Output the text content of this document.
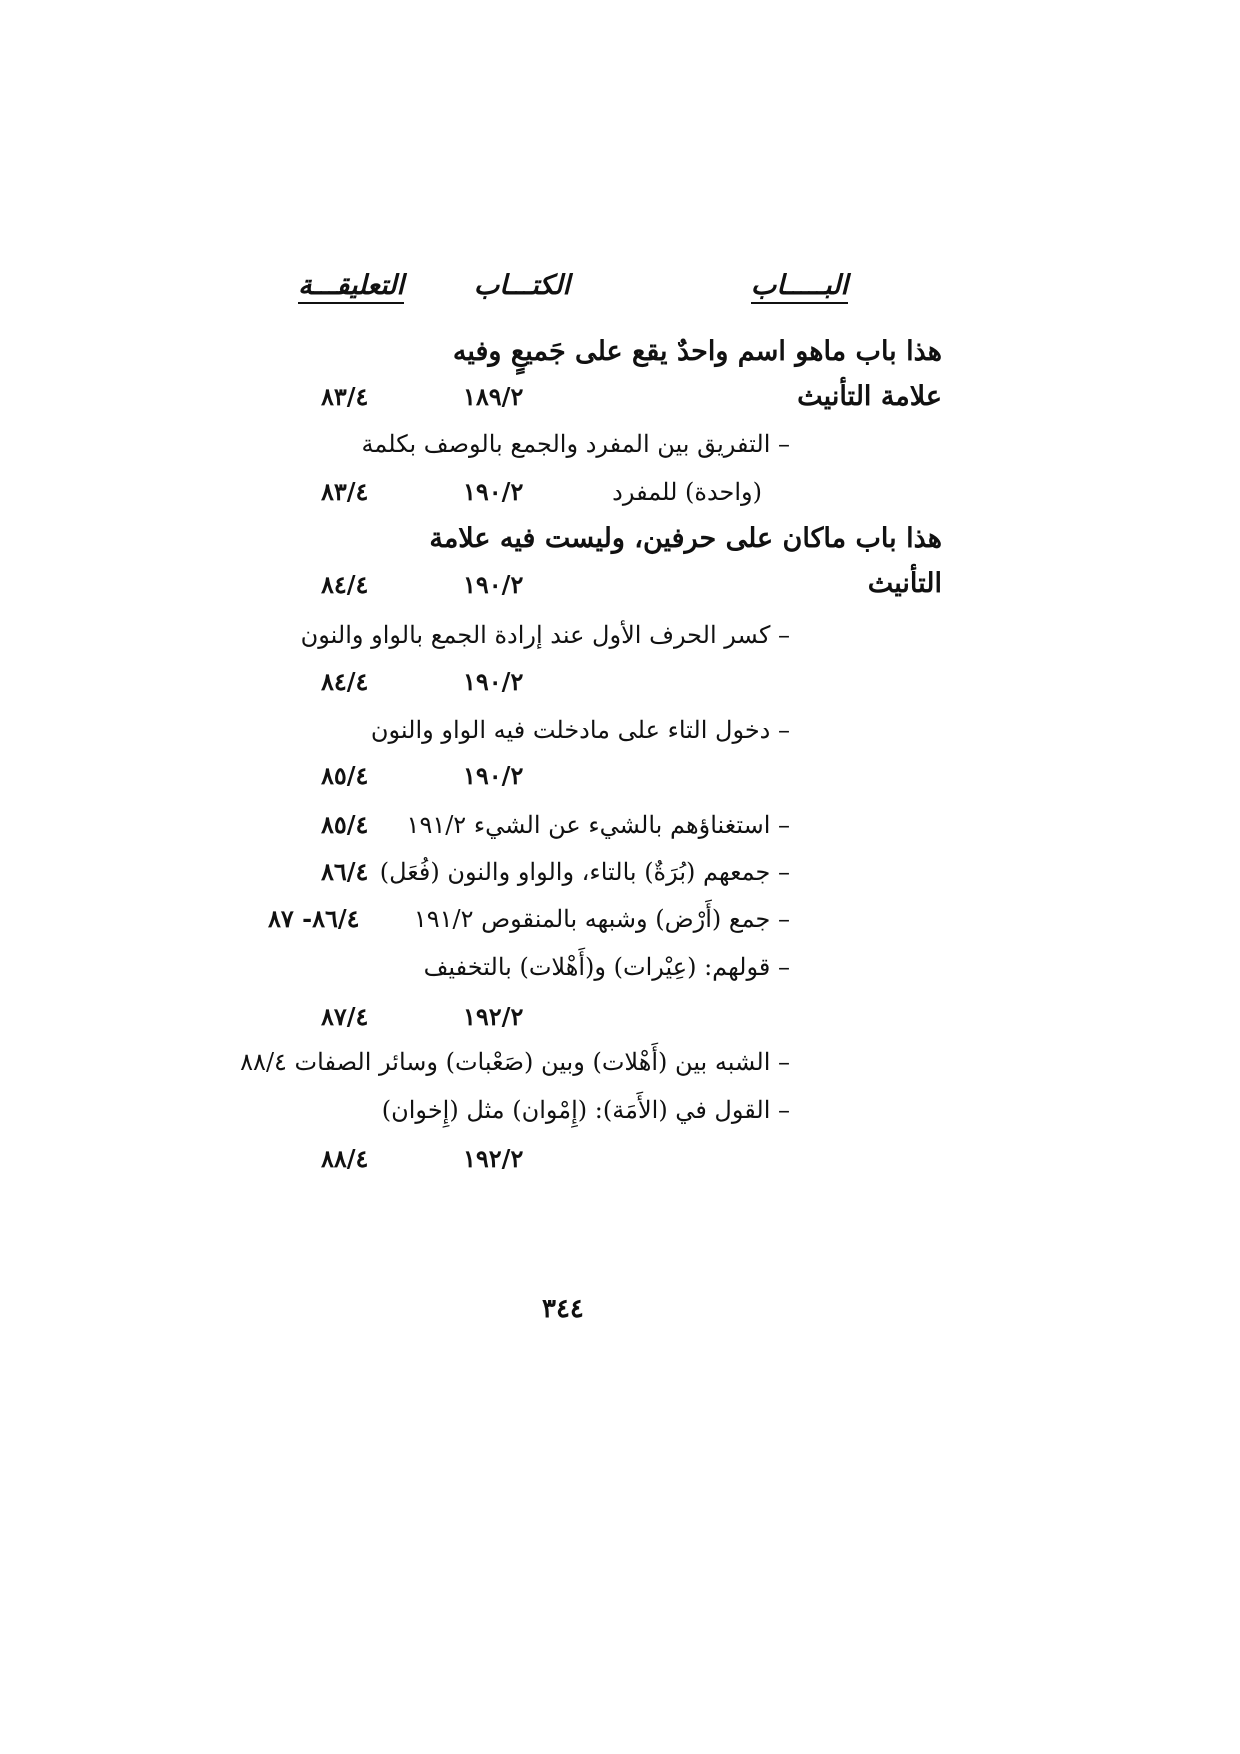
البـــــاب
الكتـــاب
التعليقـــة
هذا باب ماهو اسم واحدٌ يقع على جَميعٍ وفيه
علامة التأنيث
١٨٩/٢
٨٣/٤
– التفريق بين المفرد والجمع بالوصف بكلمة
(واحدة) للمفرد
١٩٠/٢
٨٣/٤
هذا باب ماكان على حرفين، وليست فيه علامة
التأنيث
١٩٠/٢
٨٤/٤
– كسر الحرف الأول عند إرادة الجمع بالواو والنون
١٩٠/٢
٨٤/٤
– دخول التاء على مادخلت فيه الواو والنون
١٩٠/٢
٨٥/٤
– استغناؤهم بالشيء عن الشيء ١٩١/٢
٨٥/٤
– جمعهم (بُرَةٌ) بالتاء، والواو والنون (فُعَل)
٨٦/٤
– جمع (أَرْض) وشبهه بالمنقوص ١٩١/٢
٨٦/٤- ٨٧
– قولهم: (عِيْرات) و(أَهْلات) بالتخفيف
١٩٢/٢
٨٧/٤
– الشبه بين (أَهْلات) وبين (صَعْبات) وسائر الصفات ٨٨/٤
– القول في (الأَمَة): (إِمْوان) مثل (إِخوان)
١٩٢/٢
٨٨/٤
٣٤٤
